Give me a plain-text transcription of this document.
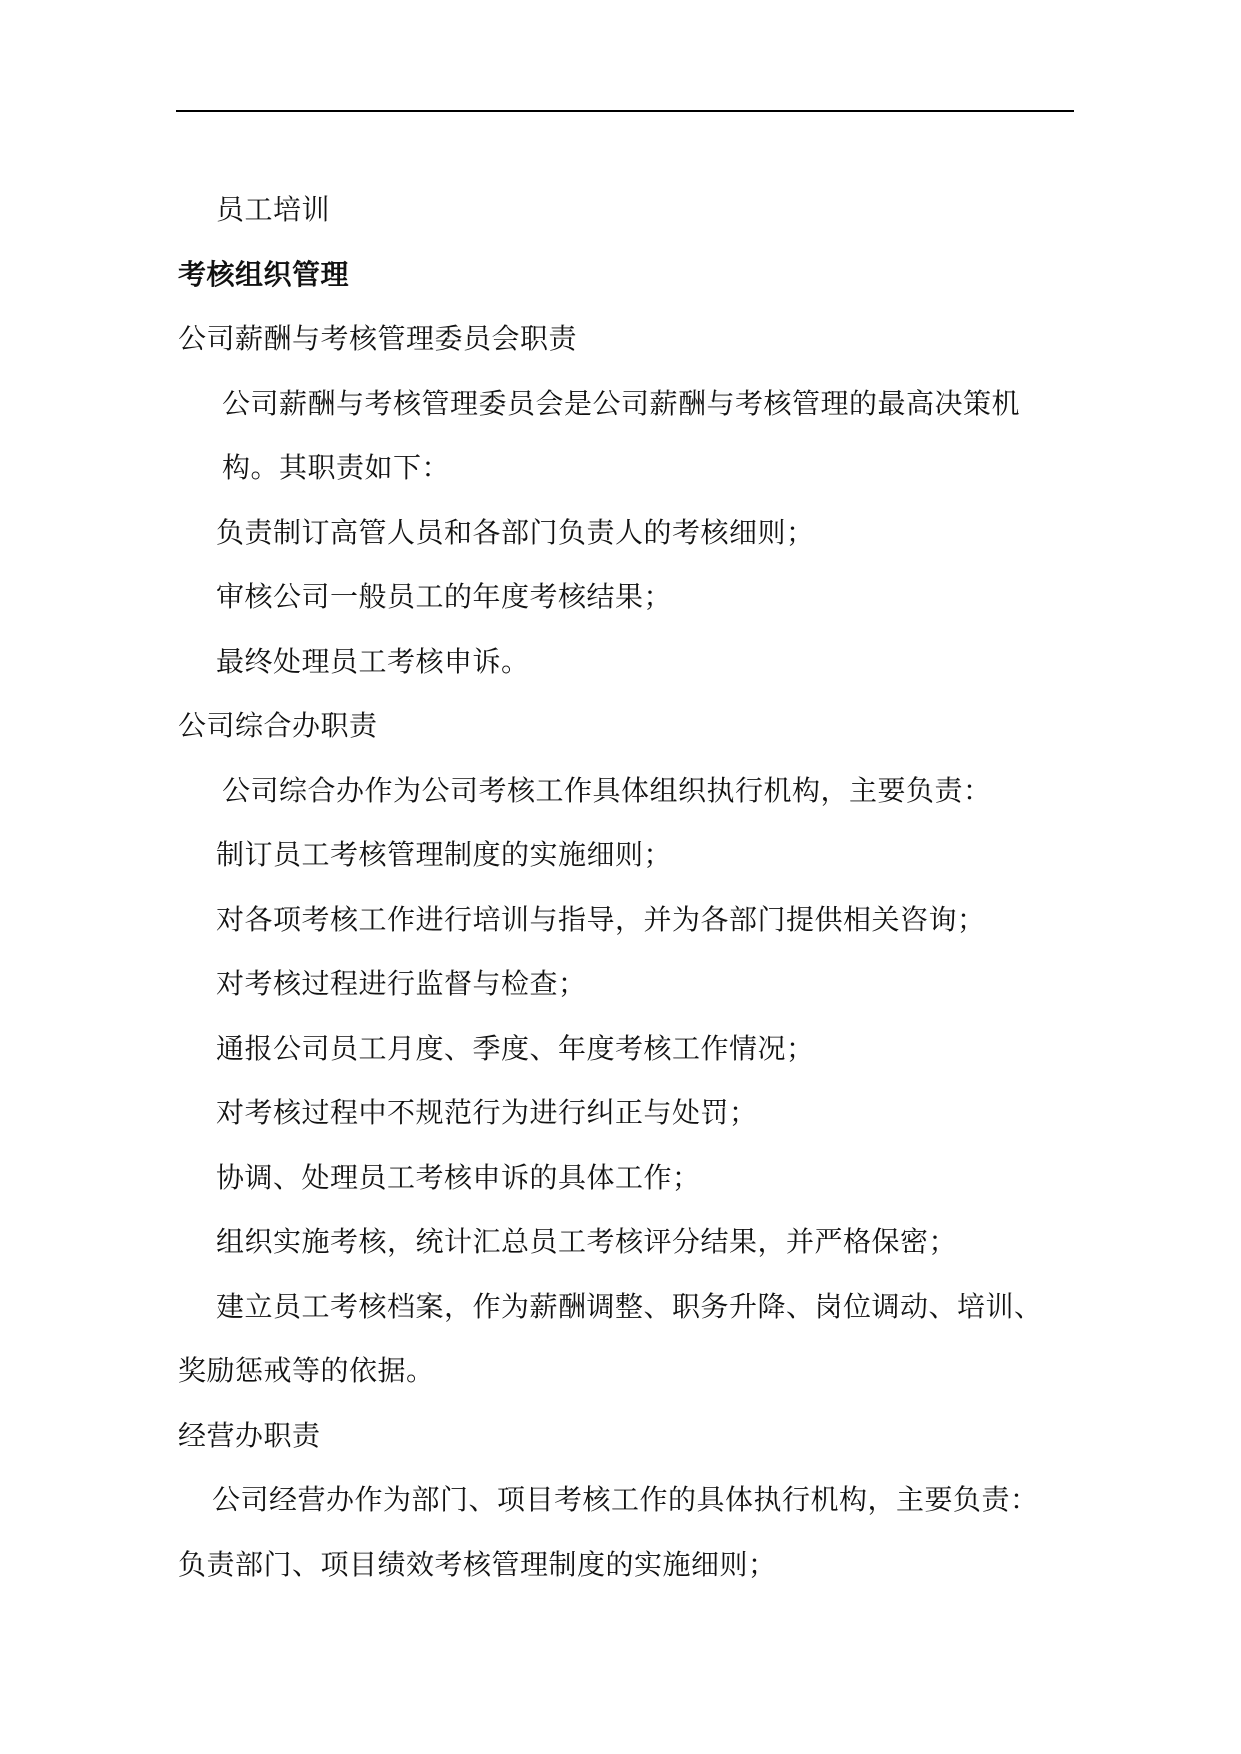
员工培训
考核组织管理
公司薪酬与考核管理委员会职责
公司薪酬与考核管理委员会是公司薪酬与考核管理的最高决策机
构。其职责如下：
负责制订高管人员和各部门负责人的考核细则；
审核公司一般员工的年度考核结果；
最终处理员工考核申诉。
公司综合办职责
公司综合办作为公司考核工作具体组织执行机构，主要负责：
制订员工考核管理制度的实施细则；
对各项考核工作进行培训与指导，并为各部门提供相关咨询；
对考核过程进行监督与检查；
通报公司员工月度、季度、年度考核工作情况；
对考核过程中不规范行为进行纠正与处罚；
协调、处理员工考核申诉的具体工作；
组织实施考核，统计汇总员工考核评分结果，并严格保密；
建立员工考核档案，作为薪酬调整、职务升降、岗位调动、培训、
奖励惩戒等的依据。
经营办职责
公司经营办作为部门、项目考核工作的具体执行机构，主要负责：
负责部门、项目绩效考核管理制度的实施细则；
